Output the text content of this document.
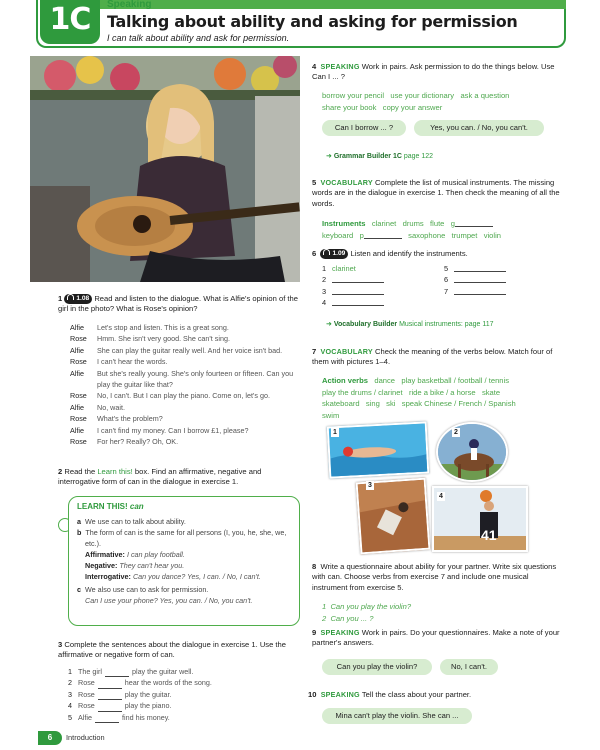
1C	Speaking
Talking about ability and asking for permission
I can talk about ability and ask for permission.
1 1.08 Read and listen to the dialogue. What is Alfie's opinion of the girl in the photo? What is Rose's opinion?
Alfie	Let's stop and listen. This is a great song.
Rose	Hmm. She isn't very good. She can't sing.
Alfie	She can play the guitar really well. And her voice isn't bad.
Rose	I can't hear the words.
Alfie	But she's really young. She's only fourteen or fifteen. Can you play the guitar like that?
Rose	No, I can't. But I can play the piano. Come on, let's go.
Alfie	No, wait.
Rose	What's the problem?
Alfie	I can't find my money. Can I borrow £1, please?
Rose	For her? Really? Oh, OK.
2 Read the Learn this! box. Find an affirmative, negative and interrogative form of can in the dialogue in exercise 1.
LEARN THIS! can

a We use can to talk about ability.

b The form of can is the same for all persons (I, you, he, she, we, etc.).

Affirmative: I can play football.

Negative: They can't hear you.

Interrogative: Can you dance? Yes, I can. / No, I can't.

c We also use can to ask for permission.

Can I use your phone? Yes, you can. / No, you can't.

3 Complete the sentences about the dialogue in exercise 1. Use the affirmative or negative form of can.
1 The girl	play the guitar well.
2 Rose	hear the words of the song.
3 Rose	play the guitar.
4 Rose	play the piano.
5 Alfie	find his money.
6	Introduction
4 SPEAKING Work in pairs. Ask permission to do the things below. Use Can I ... ?
borrow your pencil   use your dictionary   ask a question
share your book   copy your answer
Can I borrow ... ?	Yes, you can. / No, you can't.
➜ Grammar Builder 1C page 122
5 VOCABULARY Complete the list of musical instruments. The missing words are in the dialogue in exercise 1. Then check the meaning of all the words.
Instruments clarinet   drums   flute   g
keyboard   p	saxophone   trumpet   violin
6 1.09 Listen and identify the instruments.
1 clarinet
2
3
4
5
6
7
➜ Vocabulary Builder Musical instruments: page 117
7 VOCABULARY Check the meaning of the verbs below. Match four of them with pictures 1–4.
Action verbs dance   play basketball / football / tennis
play the drums / clarinet   ride a bike / a horse   skate
skateboard   sing   ski   speak Chinese / French / Spanish
swim
1	2
3
41
4
8 Write a questionnaire about ability for your partner. Write six questions with can. Choose verbs from exercise 7 and include one musical instrument from exercise 5.
1  Can you play the violin?
2  Can you ... ?
9 SPEAKING Work in pairs. Do your questionnaires. Make a note of your partner's answers.
Can you play the violin?	No, I can't.
10 SPEAKING Tell the class about your partner.
Mina can't play the violin. She can ...
